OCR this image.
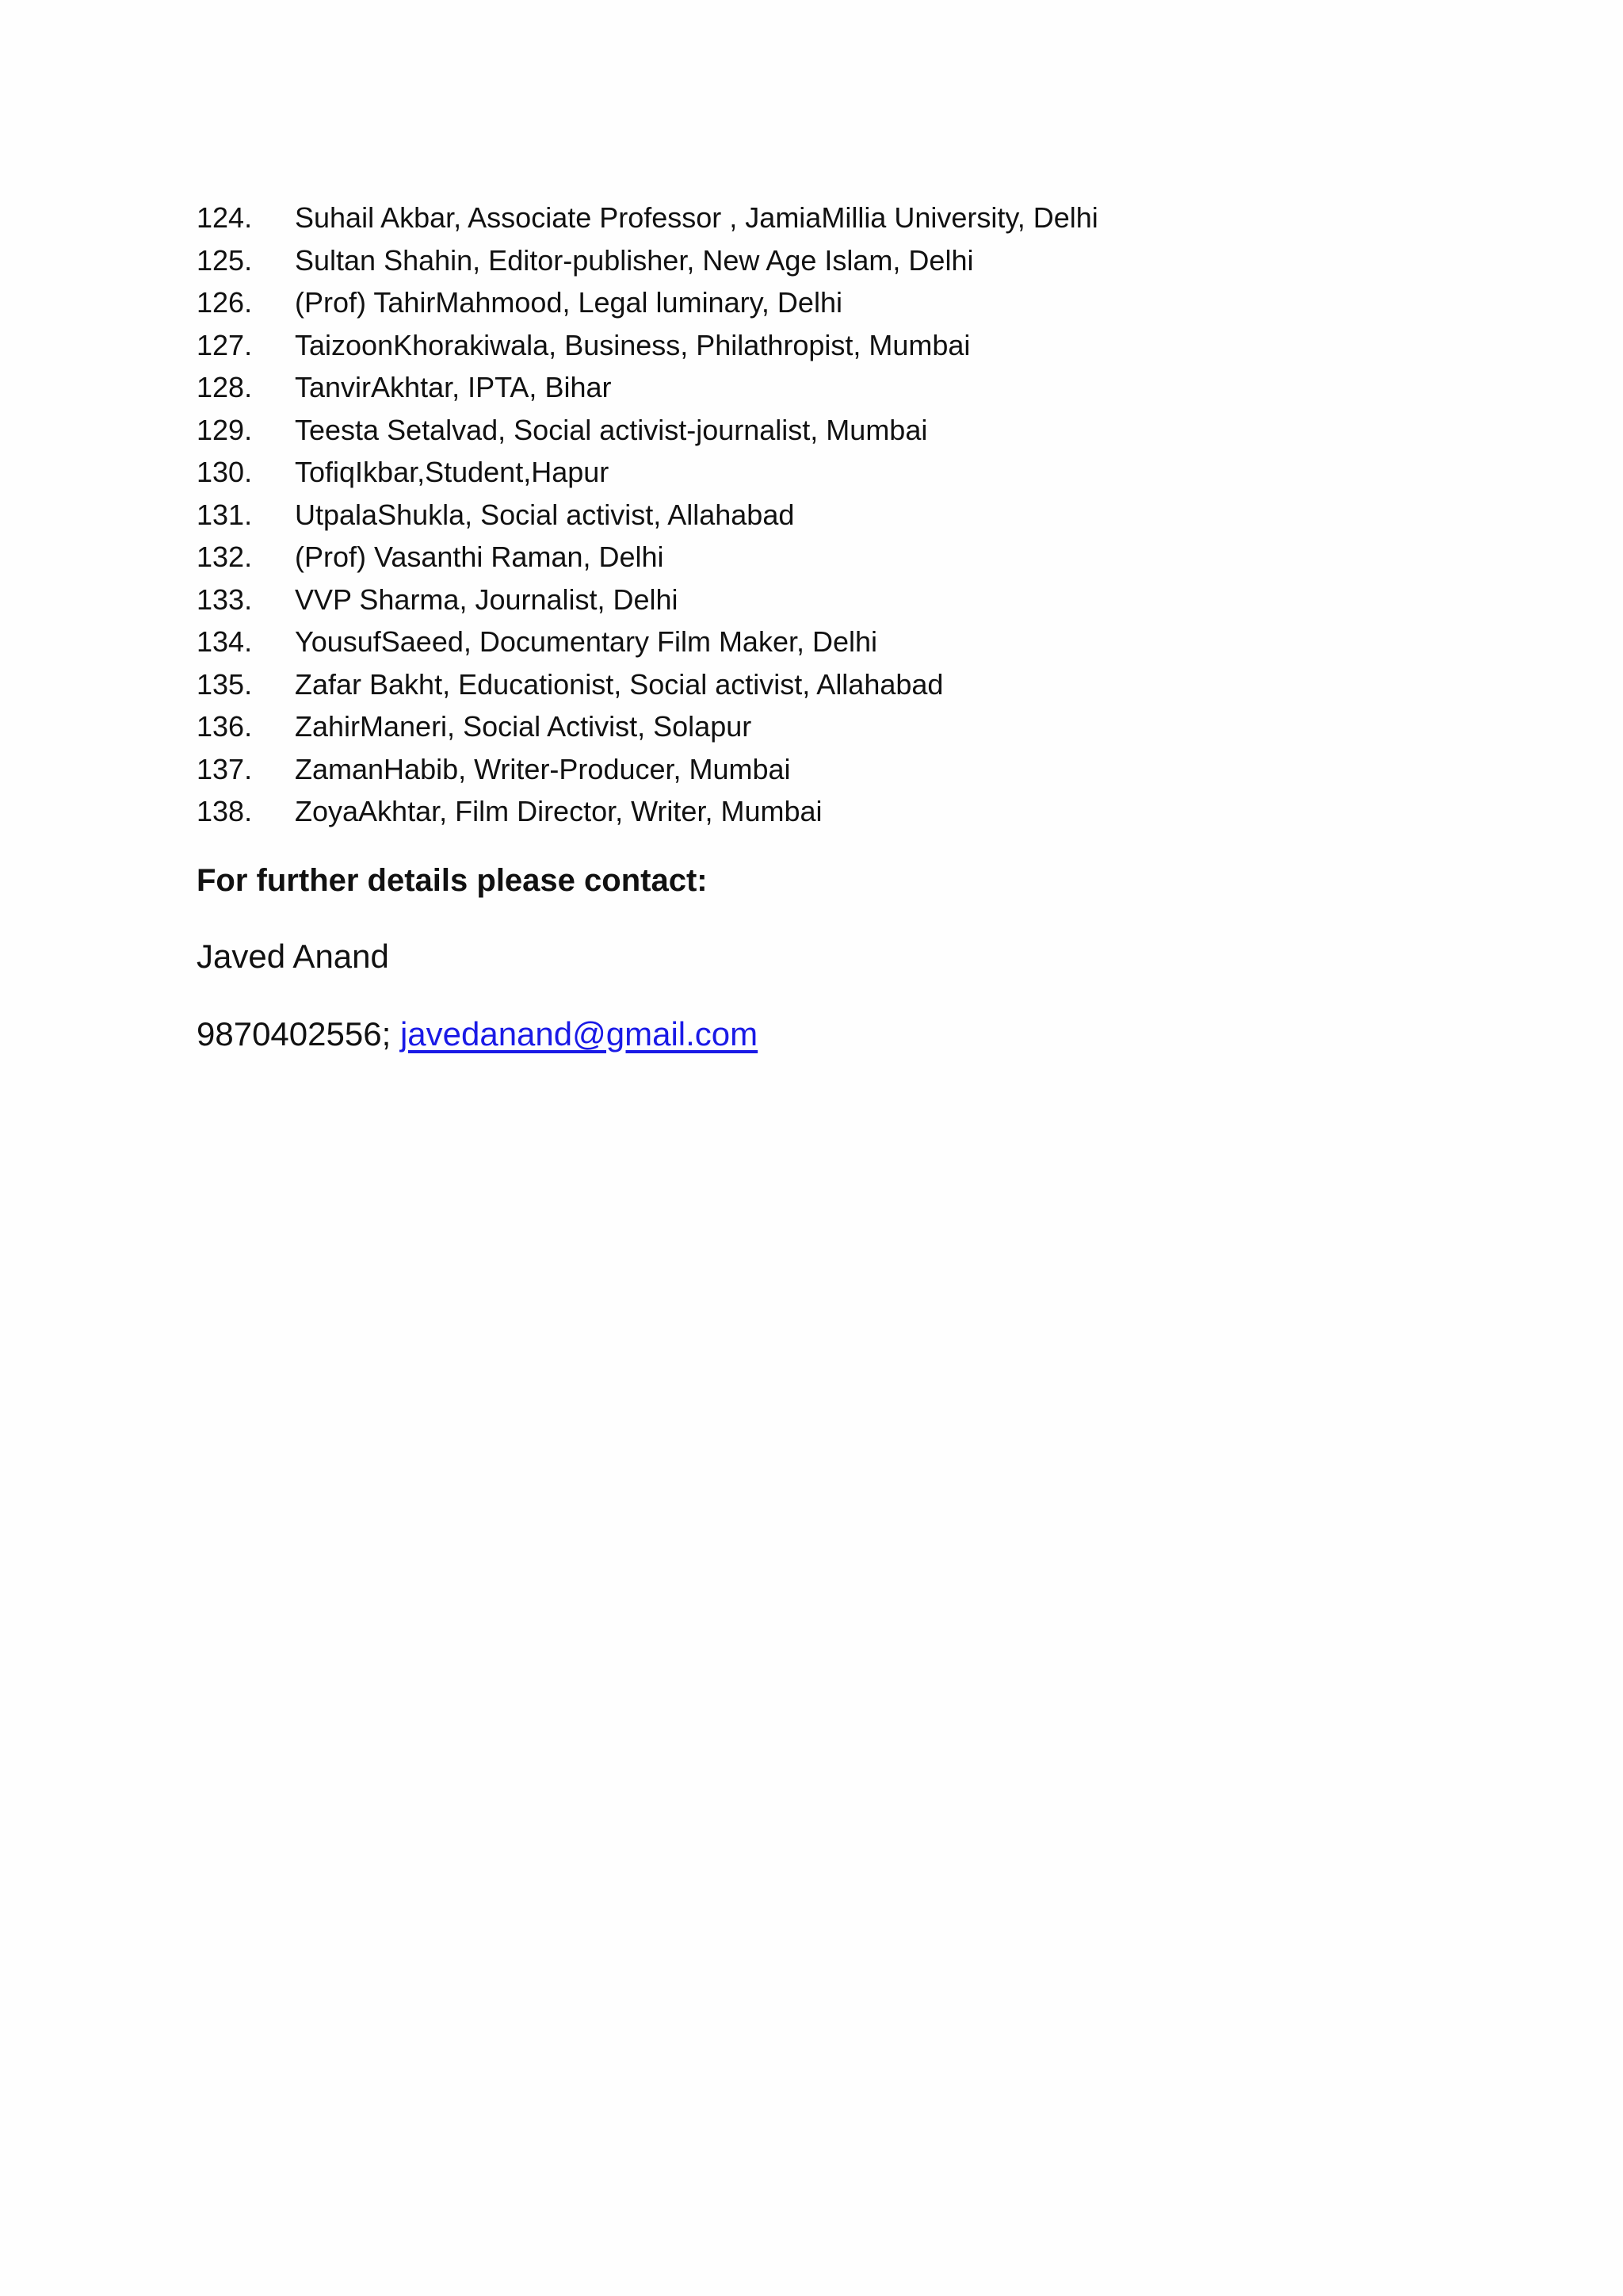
124.	Suhail Akbar, Associate Professor , JamiaMillia University, Delhi
125.	Sultan Shahin, Editor-publisher, New Age Islam, Delhi
126.	(Prof) TahirMahmood, Legal luminary, Delhi
127.	TaizoonKhorakiwala, Business, Philathropist, Mumbai
128.	TanvirAkhtar, IPTA, Bihar
129.	Teesta Setalvad, Social activist-journalist, Mumbai
130.	TofiqIkbar,Student,Hapur
131.	UtpalaShukla, Social activist, Allahabad
132.	(Prof) Vasanthi Raman, Delhi
133.	VVP Sharma, Journalist, Delhi
134.	YousufSaeed, Documentary Film Maker, Delhi
135.	Zafar Bakht, Educationist, Social activist, Allahabad
136.	ZahirManeri, Social Activist, Solapur
137.	ZamanHabib, Writer-Producer, Mumbai
138.	ZoyaAkhtar, Film Director, Writer, Mumbai
For further details please contact:

Javed Anand

9870402556; javedanand@gmail.com
